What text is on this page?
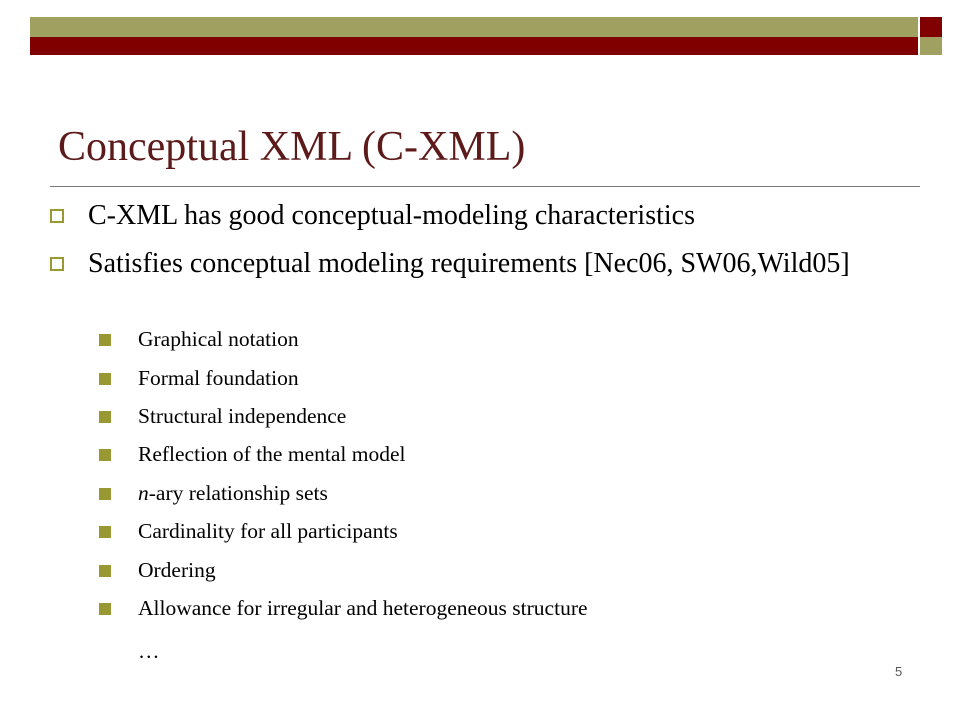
Conceptual XML (C-XML)
C-XML has good conceptual-modeling characteristics
Satisfies conceptual modeling requirements [Nec06, SW06,Wild05]
Graphical notation
Formal foundation
Structural independence
Reflection of the mental model
n-ary relationship sets
Cardinality for all participants
Ordering
Allowance for irregular and heterogeneous structure
…
5
